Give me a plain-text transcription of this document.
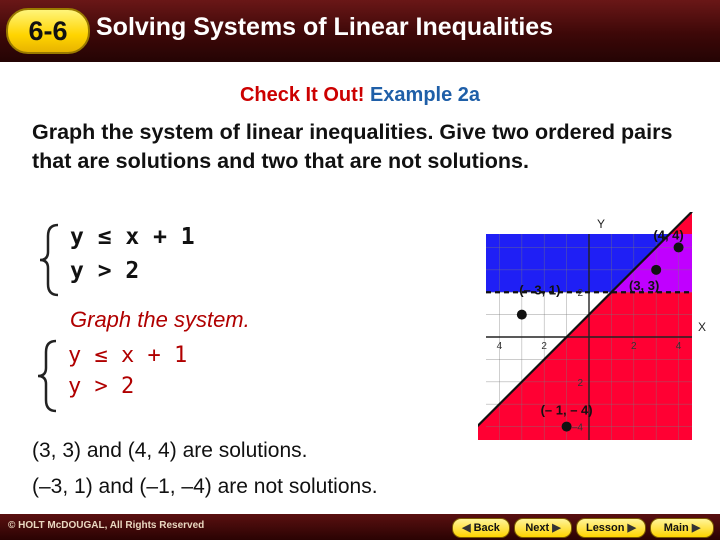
6-6	Solving Systems of Linear Inequalities
Check It Out! Example 2a
Graph the system of linear inequalities. Give two ordered pairs that are solutions and two that are not solutions.
y ≤ x + 1
y > 2
Graph the system.
y ≤ x + 1
y > 2
(3, 3) and (4, 4) are solutions.
(–3, 1) and (–1, –4) are not solutions.
4	2	2	4
2
2
–4
X
Y
(4, 4)
(3, 3)
(– 3, 1)
(– 1, – 4)
© HOLT McDOUGAL, All Rights Reserved	◀ Back	Next ▶	Lesson ▶	Main ▶
